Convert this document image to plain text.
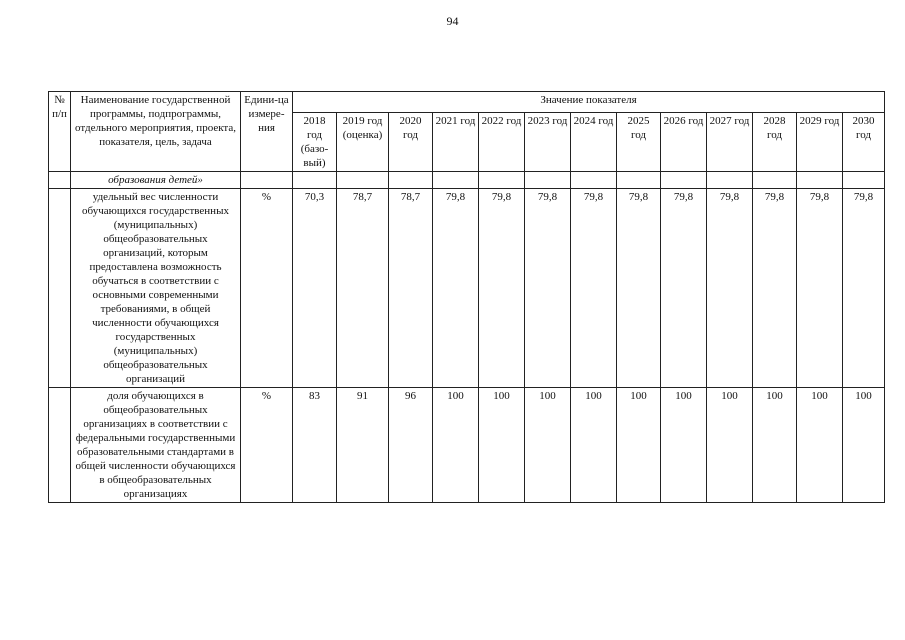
94
№ п/п	Наименование государственной программы, подпрограммы, отдельного мероприятия, проекта, показателя, цель, задача	Едини-ца измере-ния	Значение показателя												
			2018 год (базо-вый)	2019 год (оценка)	2020 год	2021 год	2022 год	2023 год	2024 год	2025 год	2026 год	2027 год	2028 год	2029 год	2030 год
	образования детей»														
	удельный вес численности обучающихся государственных (муниципальных) общеобразовательных организаций, которым предоставлена возможность обучаться в соответствии с основными современными требованиями, в общей численности обучающихся государственных (муниципальных) общеобразовательных организаций	%	70,3	78,7	78,7	79,8	79,8	79,8	79,8	79,8	79,8	79,8	79,8	79,8	79,8
	доля обучающихся в общеобразовательных организациях в соответствии с федеральными государственными образовательными стандартами в общей численности обучающихся в общеобразовательных организациях	%	83	91	96	100	100	100	100	100	100	100	100	100	100
